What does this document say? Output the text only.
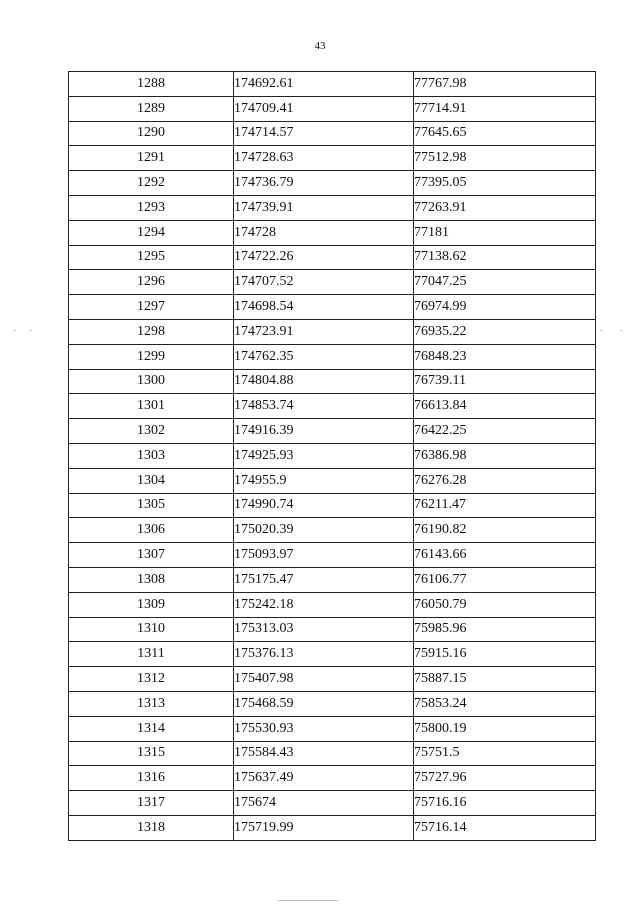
43
1288	174692.61	77767.98
1289	174709.41	77714.91
1290	174714.57	77645.65
1291	174728.63	77512.98
1292	174736.79	77395.05
1293	174739.91	77263.91
1294	174728	77181
1295	174722.26	77138.62
1296	174707.52	77047.25
1297	174698.54	76974.99
1298	174723.91	76935.22
1299	174762.35	76848.23
1300	174804.88	76739.11
1301	174853.74	76613.84
1302	174916.39	76422.25
1303	174925.93	76386.98
1304	174955.9	76276.28
1305	174990.74	76211.47
1306	175020.39	76190.82
1307	175093.97	76143.66
1308	175175.47	76106.77
1309	175242.18	76050.79
1310	175313.03	75985.96
1311	175376.13	75915.16
1312	175407.98	75887.15
1313	175468.59	75853.24
1314	175530.93	75800.19
1315	175584.43	75751.5
1316	175637.49	75727.96
1317	175674	75716.16
1318	175719.99	75716.14
